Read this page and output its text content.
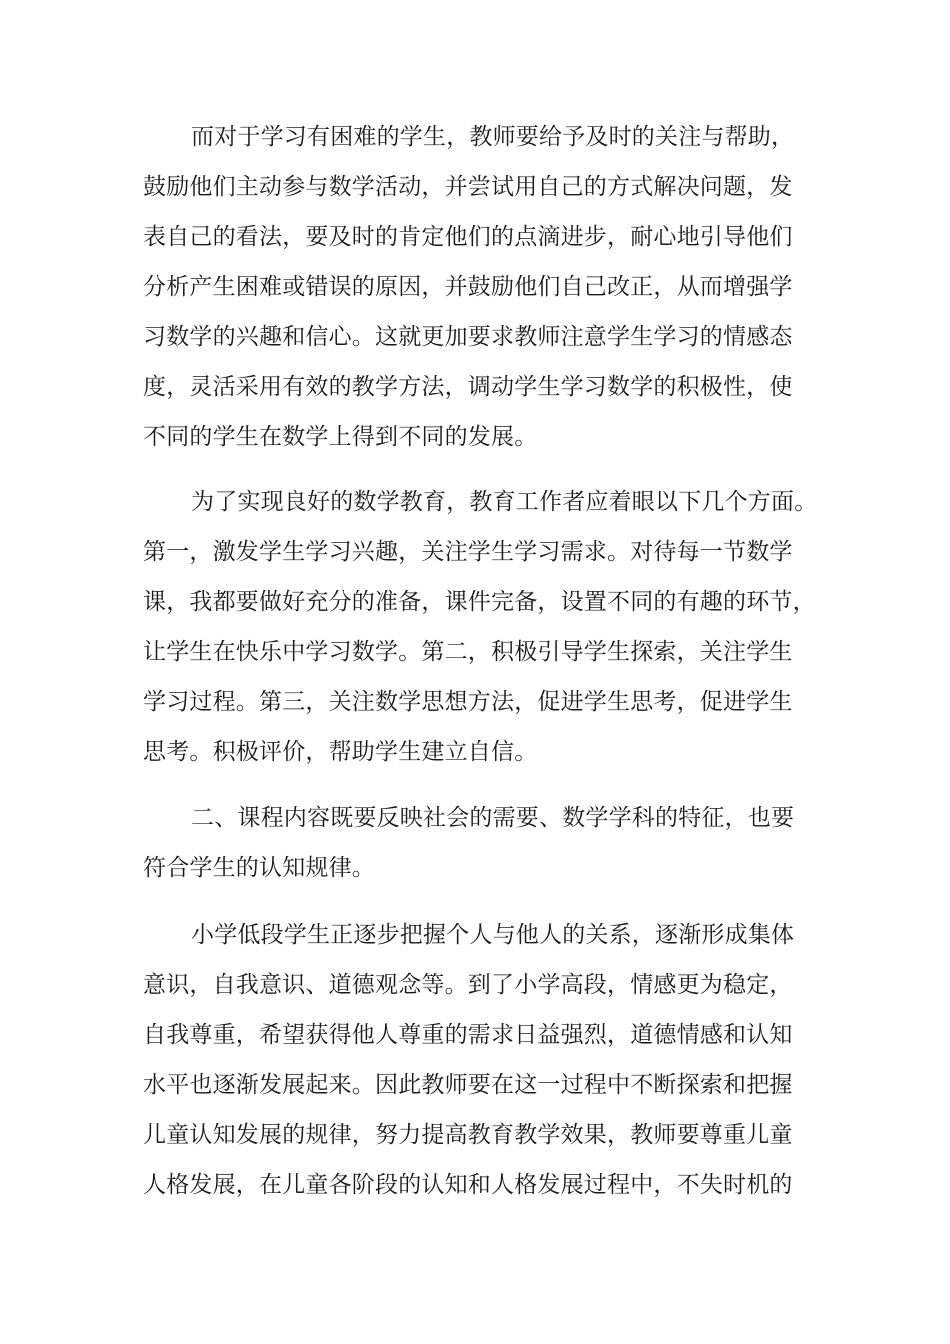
而对于学习有困难的学生，教师要给予及时的关注与帮助，
鼓励他们主动参与数学活动，并尝试用自己的方式解决问题，发
表自己的看法，要及时的肯定他们的点滴进步，耐心地引导他们
分析产生困难或错误的原因，并鼓励他们自己改正，从而增强学
习数学的兴趣和信心。这就更加要求教师注意学生学习的情感态
度，灵活采用有效的教学方法，调动学生学习数学的积极性，使
不同的学生在数学上得到不同的发展。
为了实现良好的数学教育，教育工作者应着眼以下几个方面。
第一，激发学生学习兴趣，关注学生学习需求。对待每一节数学
课，我都要做好充分的准备，课件完备，设置不同的有趣的环节，
让学生在快乐中学习数学。第二，积极引导学生探索，关注学生
学习过程。第三，关注数学思想方法，促进学生思考，促进学生
思考。积极评价，帮助学生建立自信。
二、课程内容既要反映社会的需要、数学学科的特征，也要
符合学生的认知规律。
小学低段学生正逐步把握个人与他人的关系，逐渐形成集体
意识，自我意识、道德观念等。到了小学高段，情感更为稳定，
自我尊重，希望获得他人尊重的需求日益强烈，道德情感和认知
水平也逐渐发展起来。因此教师要在这一过程中不断探索和把握
儿童认知发展的规律，努力提高教育教学效果，教师要尊重儿童
人格发展，在儿童各阶段的认知和人格发展过程中，不失时机的
